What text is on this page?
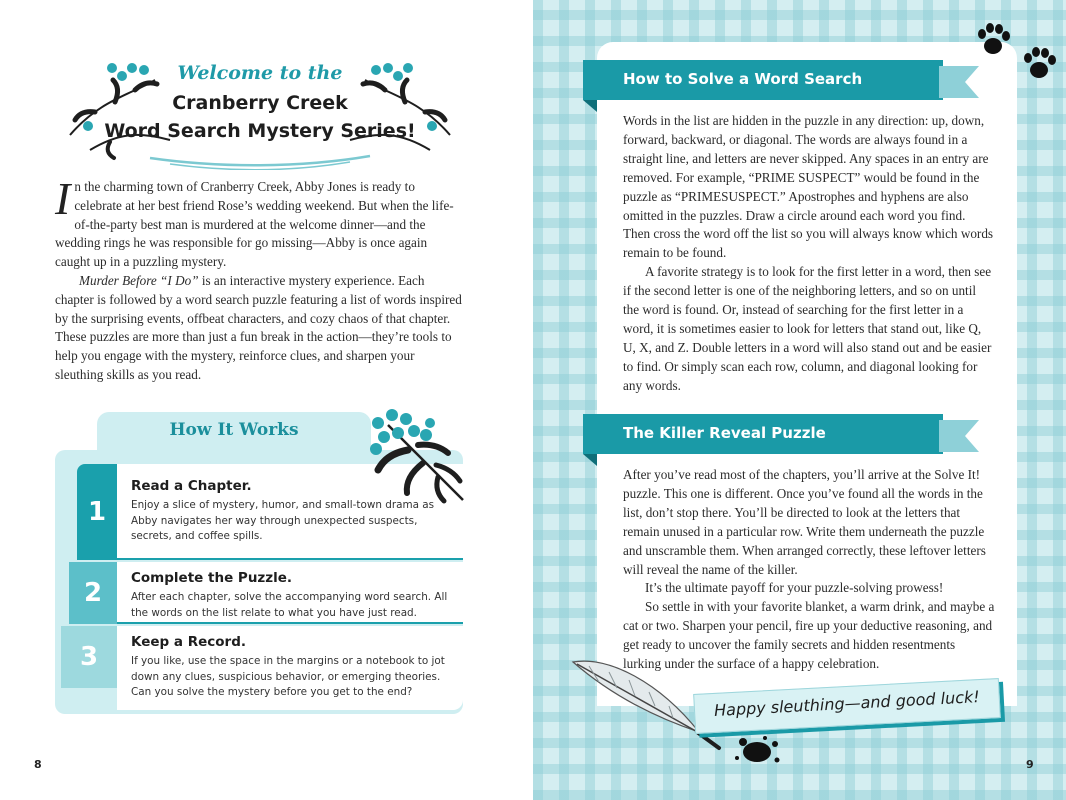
Welcome to the
Cranberry Creek
Word Search Mystery Series!

In the charming town of Cranberry Creek, Abby Jones is ready to celebrate at her best friend Rose’s wedding weekend. But when the life-of-the-party best man is murdered at the welcome dinner—and the wedding rings he was responsible for go missing—Abby is once again caught up in a puzzling mystery.

Murder Before “I Do” is an interactive mystery experience. Each chapter is followed by a word search puzzle featuring a list of words inspired by the surprising events, offbeat characters, and cozy chaos of that chapter. These puzzles are more than just a fun break in the action—they’re tools to help you engage with the mystery, reinforce clues, and sharpen your sleuthing skills as you read.

How It Works
1
Read a Chapter.
Enjoy a slice of mystery, humor, and small-town drama as Abby navigates her way through unexpected suspects, secrets, and coffee spills.
2	Complete the Puzzle.
After each chapter, solve the accompanying word search. All the words on the list relate to what you have just read.
3	Keep a Record.
If you like, use the space in the margins or a notebook to jot down any clues, suspicious behavior, or emerging theories. Can you solve the mystery before you get to the end?
8
How to Solve a Word Search
The Killer Reveal Puzzle

Words in the list are hidden in the puzzle in any direction: up, down, forward, backward, or diagonal. The words are always found in a straight line, and letters are never skipped. Any spaces in an entry are removed. For example, “PRIME SUSPECT” would be found in the puzzle as “PRIMESUSPECT.” Apostrophes and hyphens are also omitted in the puzzles. Draw a circle around each word you find. Then cross the word off the list so you will always know which words remain to be found.

A favorite strategy is to look for the first letter in a word, then see if the second letter is one of the neighboring letters, and so on until the word is found. Or, instead of searching for the first letter in a word, it is sometimes easier to look for letters that stand out, like Q, U, X, and Z. Double letters in a word will also stand out and be easier to find. Or simply scan each row, column, and diagonal looking for any words.

After you’ve read most of the chapters, you’ll arrive at the Solve It! puzzle. This one is different. Once you’ve found all the words in the list, don’t stop there. You’ll be directed to look at the letters that remain unused in a particular row. Write them underneath the puzzle and unscramble them. When arranged correctly, these leftover letters will reveal the name of the killer.

It’s the ultimate payoff for your puzzle-solving prowess!

So settle in with your favorite blanket, a warm drink, and maybe a cat or two. Sharpen your pencil, fire up your deductive reasoning, and get ready to uncover the family secrets and hidden resentments lurking under the surface of a happy celebration.

9
Happy sleuthing—and good luck!
